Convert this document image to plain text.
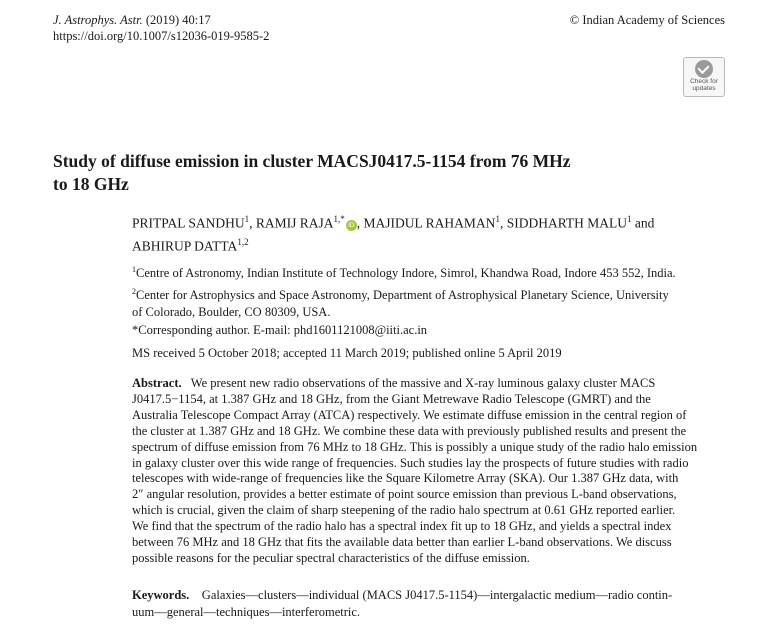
J. Astrophys. Astr. (2019) 40:17
https://doi.org/10.1007/s12036-019-9585-2
© Indian Academy of Sciences
Check for
updates
Study of diffuse emission in cluster MACSJ0417.5-1154 from 76 MHz
to 18 GHz
PRITPAL SANDHU$^1$, RAMIJ $RAJA^{1,*}iD$ , MAJIDUL RAHAMAN$^1$, SIDDHARTH MALU$^1$ and
ABHIRUP DATTA$^{1,2}$
$^1$Centre of Astronomy, Indian Institute of Technology Indore, Simrol, Khandwa Road, Indore 453 552, India.
$^2$Center for Astrophysics and Space Astronomy, Department of Astrophysical Planetary Science, University
of Colorado, Boulder, CO 80309, USA.
*Corresponding author. E-mail: phd1601121008@iiti.ac.in
MS received 5 October 2018; accepted 11 March 2019; published online 5 April 2019
Abstract. We present new radio observations of the massive and X-ray luminous galaxy cluster MACS
J0417.5−1154, at 1.387 GHz and 18 GHz, from the Giant Metrewave Radio Telescope (GMRT) and the
Australia Telescope Compact Array (ATCA) respectively. We estimate diffuse emission in the central region of
the cluster at 1.387 GHz and 18 GHz. We combine these data with previously published results and present the
spectrum of diffuse emission from 76 MHz to 18 GHz. This is possibly a unique study of the radio halo emission
in galaxy cluster over this wide range of frequencies. Such studies lay the prospects of future studies with radio
telescopes with wide-range of frequencies like the Square Kilometre Array (SKA). Our 1.387 GHz data, with
2″ angular resolution, provides a better estimate of point source emission than previous L-band observations,
which is crucial, given the claim of sharp steepening of the radio halo spectrum at 0.61 GHz reported earlier.
We find that the spectrum of the radio halo has a spectral index fit up to 18 GHz, and yields a spectral index
between 76 MHz and 18 GHz that fits the available data better than earlier L-band observations. We discuss
possible reasons for the peculiar spectral characteristics of the diffuse emission.
Keywords. Galaxies—clusters—individual (MACS J0417.5-1154)—intergalactic medium—radio contin-
uum—general—techniques—interferometric.
